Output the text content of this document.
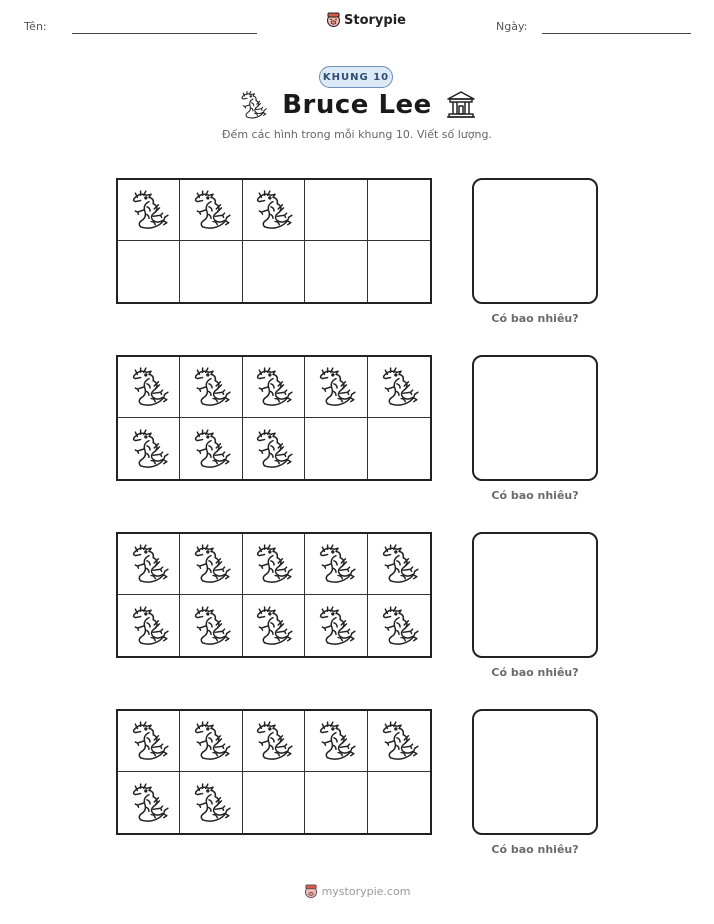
Tên:	Storypie	Ngày:
KHUNG 10
Bruce Lee
Đếm các hình trong mỗi khung 10. Viết số lượng.
Có bao nhiêu?
Có bao nhiêu?
Có bao nhiêu?
Có bao nhiêu?
mystorypie.com
